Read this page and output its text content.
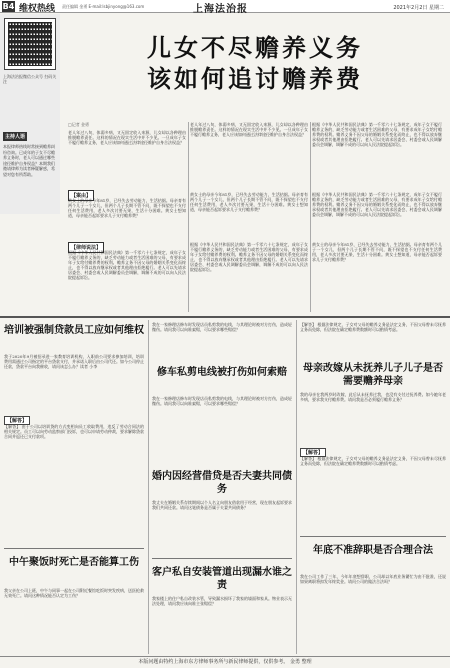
B4 维权热线 责任编辑 金勇 E-mail:lsbjinyong@163.com	上海法治报	2021年2月2日 星期二
上海法治报微信公众号 扫码关注
主持人语
本报律师热线时常接到赡养纠纷咨询。已成年的子女不尽赡养义务时，老人可以通过哪些途径维护自身权益？本期我们邀请律师为读者释疑解惑，希望对您有所帮助。
儿女不尽赡养义务
该如何追讨赡养费
□记者 金勇
老人年过八旬，体弱多病，又无固定收入来源，儿女却以各种理由推脱赡养责任。这样的情况在现实生活中并不少见。一旦成年子女不履行赡养义务，老人应该如何通过法律途径维护自身合法权益？
老人年过八旬，体弱多病，又无固定收入来源，儿女却以各种理由推脱赡养责任。这样的情况在现实生活中并不少见。一旦成年子女不履行赡养义务，老人应该如何通过法律途径维护自身合法权益？
根据《中华人民共和国民法典》第一千零六十七条规定，成年子女不履行赡养义务的，缺乏劳动能力或者生活困难的父母，有要求成年子女给付赡养费的权利。赡养义务不因父母的婚姻关系变化而终止，也不得以放弃继承权或者其他理由拒绝履行。老人可以先请求居委会、村委会或人民调解委员会调解，调解不成的可以向人民法院提起诉讼。
【案由】
黄女士的母亲今年81岁，已经失去劳动能力，生活拮据。母亲育有两个儿子一个女儿，但两个儿子长期不管不问，既不探望也不支付任何生活费用，老人多次讨要无果，生活十分困难。黄女士想知道，母亲能否起诉要求儿子支付赡养费？
黄女士的母亲今年81岁，已经失去劳动能力，生活拮据。母亲育有两个儿子一个女儿，但两个儿子长期不管不问，既不探望也不支付任何生活费用，老人多次讨要无果，生活十分困难。黄女士想知道，母亲能否起诉要求儿子支付赡养费？
根据《中华人民共和国民法典》第一千零六十七条规定，成年子女不履行赡养义务的，缺乏劳动能力或者生活困难的父母，有要求成年子女给付赡养费的权利。赡养义务不因父母的婚姻关系变化而终止，也不得以放弃继承权或者其他理由拒绝履行。老人可以先请求居委会、村委会或人民调解委员会调解，调解不成的可以向人民法院提起诉讼。
【律师说法】
根据《中华人民共和国民法典》第一千零六十七条规定，成年子女不履行赡养义务的，缺乏劳动能力或者生活困难的父母，有要求成年子女给付赡养费的权利。赡养义务不因父母的婚姻关系变化而终止，也不得以放弃继承权或者其他理由拒绝履行。老人可以先请求居委会、村委会或人民调解委员会调解，调解不成的可以向人民法院提起诉讼。
根据《中华人民共和国民法典》第一千零六十七条规定，成年子女不履行赡养义务的，缺乏劳动能力或者生活困难的父母，有要求成年子女给付赡养费的权利。赡养义务不因父母的婚姻关系变化而终止，也不得以放弃继承权或者其他理由拒绝履行。老人可以先请求居委会、村委会或人民调解委员会调解，调解不成的可以向人民法院提起诉讼。
黄女士的母亲今年81岁，已经失去劳动能力，生活拮据。母亲育有两个儿子一个女儿，但两个儿子长期不管不问，既不探望也不支付任何生活费用，老人多次讨要无果，生活十分困难。黄女士想知道，母亲能否起诉要求儿子支付赡养费？
培训被强制贷款员工应如何维权
我于2020年9月被招录进一家教育培训机构，入职前公司要求参加培训，培训费用需通过公司指定的平台贷款支付，并承诺入职后由公司代还。如今公司停止还款，贷款平台向我催收，请问该怎么办？读者 小李
【解答】
【解答】 由于公司以培训贷的方式变相向员工收取费用，违反了劳动合同法的相关规定。员工可以向劳动监察部门投诉，也可以申请劳动仲裁，要求解除贷款合同并返还已支付款项。
中午聚饭时死亡是否能算工伤
我父亲在公司上班，中午与同事一起在公司附近餐馆吃饭时突发疾病，送医抢救无效死亡。请问这种情况能否认定为工伤？
我在一家修理店修车时发现店员私剪我的电线，与其理论时被对方打伤，造成轻微伤。请问我可以向谁索赔，可以要求哪些赔偿？
修车私剪电线被打伤如何索赔
我在一家修理店修车时发现店员私剪我的电线，与其理论时被对方打伤，造成轻微伤。请问我可以向谁索赔，可以要求哪些赔偿？
我丈夫在婚姻关系存续期间以个人名义向朋友借款用于经营，现在朋友起诉要求我们共同还款。请问这笔债务是否属于夫妻共同债务？
客户私自安装管道出现漏水谁之责
我家楼上的住户私自改装水管，导致漏水损坏了我家的墙面和家具。物业表示无法处理，请问我应该向谁主张赔偿？
【解答】 根据法律规定，子女对父母的赡养义务是法定义务，不因父母曾未尽抚养义务而免除，但法院在确定赡养费数额时可以酌情考虑。
母亲改嫁从未抚养儿子儿子是否需要赡养母亲
我的母亲在我两岁时改嫁，此后从未抚养过我，也没有支付过抚养费。如今她年老多病，要求我支付赡养费。请问我是否必须履行赡养义务？
【解答】
【解答】 根据法律规定，子女对父母的赡养义务是法定义务，不因父母曾未尽抚养义务而免除，但法院在确定赡养费数额时可以酌情考虑。
年底不准辞职是否合理合法
我在公司工作了三年，今年年底想辞职，公司却以年底业务繁忙为由不批准，还说如果离职将扣发年终奖金。请问公司的做法合法吗？
婚内因经营借贷是否夫妻共同债务
本版问题由特约上海市东方律师事务所与新民律师提供，仅供参考。 金勇 整理
